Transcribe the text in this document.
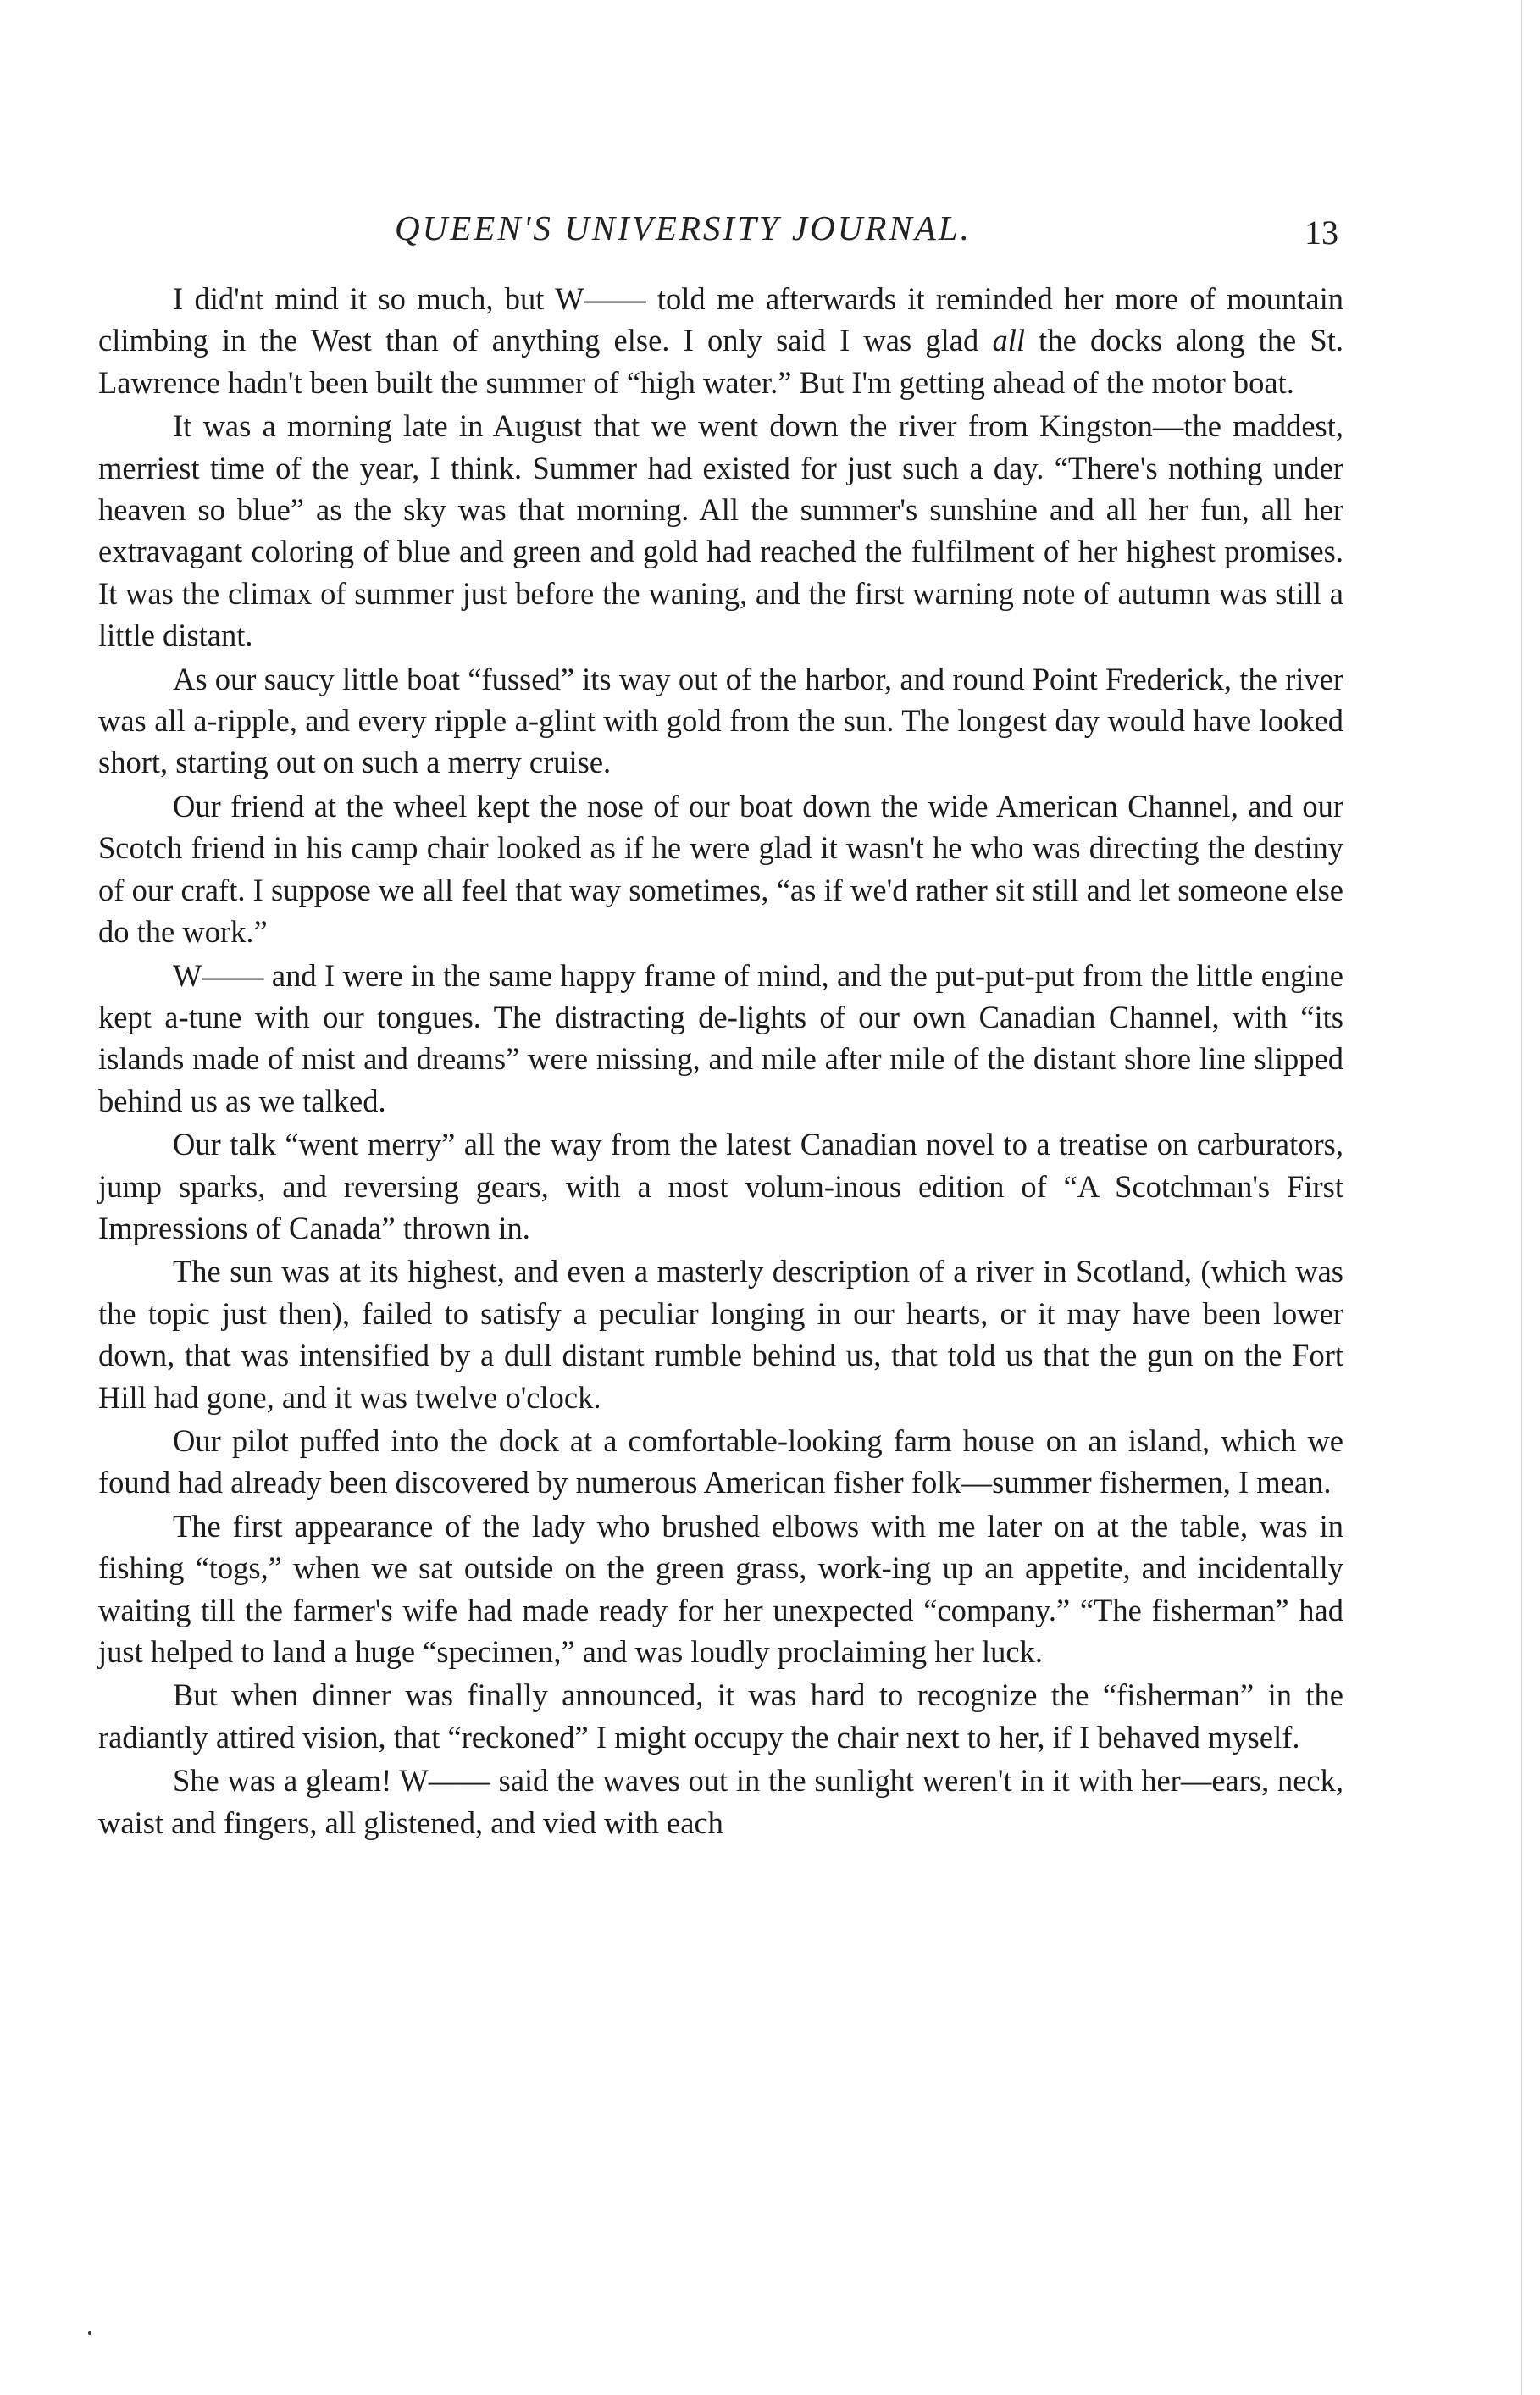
QUEEN'S UNIVERSITY JOURNAL.	13

I did'nt mind it so much, but W—— told me afterwards it reminded her more of mountain climbing in the West than of anything else. I only said I was glad all the docks along the St. Lawrence hadn't been built the summer of “high water.” But I'm getting ahead of the motor boat.

It was a morning late in August that we went down the river from Kingston—the maddest, merriest time of the year, I think. Summer had existed for just such a day. “There's nothing under heaven so blue” as the sky was that morning. All the summer's sunshine and all her fun, all her extravagant coloring of blue and green and gold had reached the fulfilment of her highest promises. It was the climax of summer just before the waning, and the first warning note of autumn was still a little distant.

As our saucy little boat “fussed” its way out of the harbor, and round Point Frederick, the river was all a-ripple, and every ripple a-glint with gold from the sun. The longest day would have looked short, starting out on such a merry cruise.

Our friend at the wheel kept the nose of our boat down the wide American Channel, and our Scotch friend in his camp chair looked as if he were glad it wasn't he who was directing the destiny of our craft. I suppose we all feel that way sometimes, “as if we'd rather sit still and let someone else do the work.”

W—— and I were in the same happy frame of mind, and the put-put-put from the little engine kept a-tune with our tongues. The distracting de-lights of our own Canadian Channel, with “its islands made of mist and dreams” were missing, and mile after mile of the distant shore line slipped behind us as we talked.

Our talk “went merry” all the way from the latest Canadian novel to a treatise on carburators, jump sparks, and reversing gears, with a most volum-inous edition of “A Scotchman's First Impressions of Canada” thrown in.

The sun was at its highest, and even a masterly description of a river in Scotland, (which was the topic just then), failed to satisfy a peculiar longing in our hearts, or it may have been lower down, that was intensified by a dull distant rumble behind us, that told us that the gun on the Fort Hill had gone, and it was twelve o'clock.

Our pilot puffed into the dock at a comfortable-looking farm house on an island, which we found had already been discovered by numerous American fisher folk—summer fishermen, I mean.

The first appearance of the lady who brushed elbows with me later on at the table, was in fishing “togs,” when we sat outside on the green grass, work-ing up an appetite, and incidentally waiting till the farmer's wife had made ready for her unexpected “company.” “The fisherman” had just helped to land a huge “specimen,” and was loudly proclaiming her luck.

But when dinner was finally announced, it was hard to recognize the “fisherman” in the radiantly attired vision, that “reckoned” I might occupy the chair next to her, if I behaved myself.

She was a gleam! W—— said the waves out in the sunlight weren't in it with her—ears, neck, waist and fingers, all glistened, and vied with each
